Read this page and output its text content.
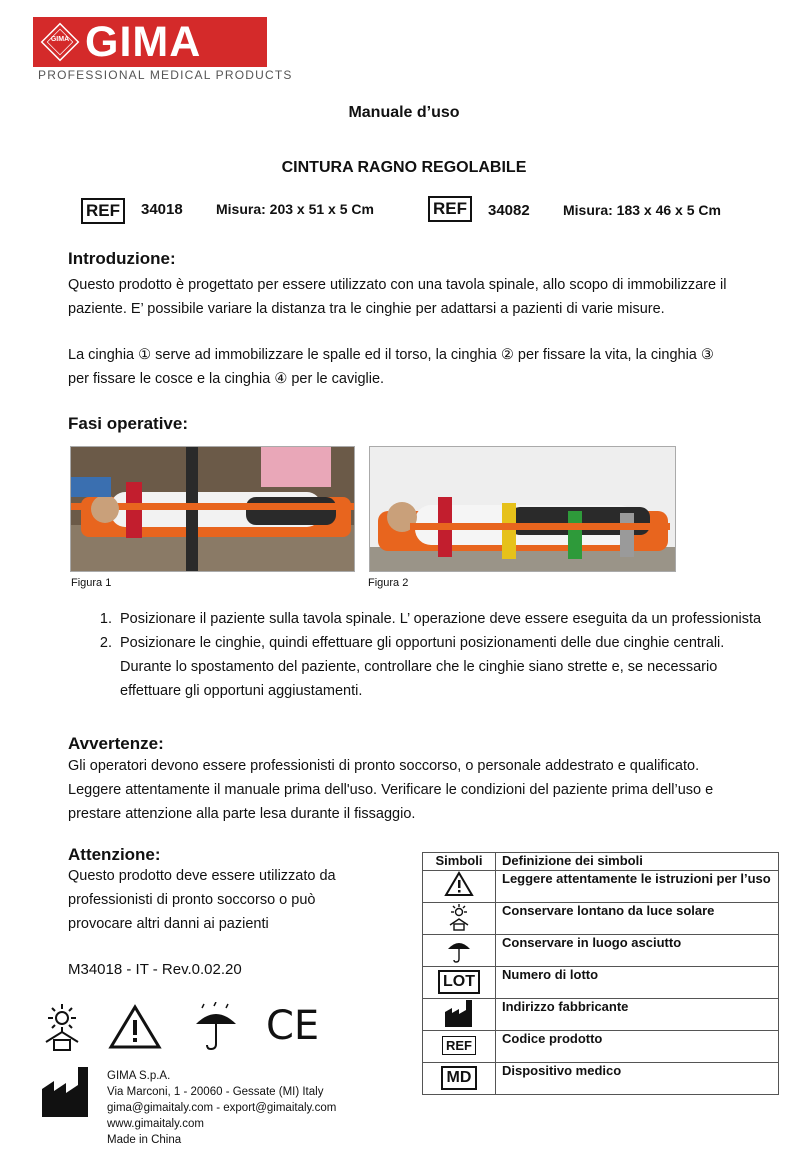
GIMA GIMA
PROFESSIONAL MEDICAL PRODUCTS
Manuale d’uso
CINTURA RAGNO REGOLABILE
REF	34018 Misura: 203 x 51 x 5 Cm	REF	34082 Misura: 183 x 46 x 5 Cm
Introduzione:
Questo prodotto è progettato per essere utilizzato con una tavola spinale, allo scopo di immobilizzare il paziente. E’ possibile variare la distanza tra le cinghie per adattarsi a pazienti di varie misure.
La cinghia ① serve ad immobilizzare le spalle ed il torso, la cinghia ② per fissare la vita, la cinghia ③ per fissare le cosce e la cinghia ④ per le caviglie.
Fasi operative:
Figura 1	Figura 2
1. Posizionare il paziente sulla tavola spinale. L’ operazione deve essere eseguita da un professionista
2. Posizionare le cinghie, quindi effettuare gli opportuni posizionamenti delle due cinghie centrali. Durante lo spostamento del paziente, controllare che le cinghie siano strette e, se necessario effettuare gli opportuni aggiustamenti.
Avvertenze:
Gli operatori devono essere professionisti di pronto soccorso, o personale addestrato e qualificato. Leggere attentamente il manuale prima dell'uso. Verificare le condizioni del paziente prima dell’uso e prestare attenzione alla parte lesa durante il fissaggio.
Attenzione:
Questo prodotto deve essere utilizzato da professionisti di pronto soccorso o può provocare altri danni ai pazienti
M34018 - IT - Rev.0.02.20
CE
GIMA S.p.A.
Via Marconi, 1 - 20060 - Gessate (MI) Italy
gima@gimaitaly.com - export@gimaitaly.com
www.gimaitaly.com
Made in China
Simboli	Definizione dei simboli
	Leggere attentamente le istruzioni per l’uso
	Conservare lontano da luce solare
	Conservare in luogo asciutto
LOT	Numero di lotto
	Indirizzo fabbricante
REF	Codice prodotto
MD	Dispositivo medico
